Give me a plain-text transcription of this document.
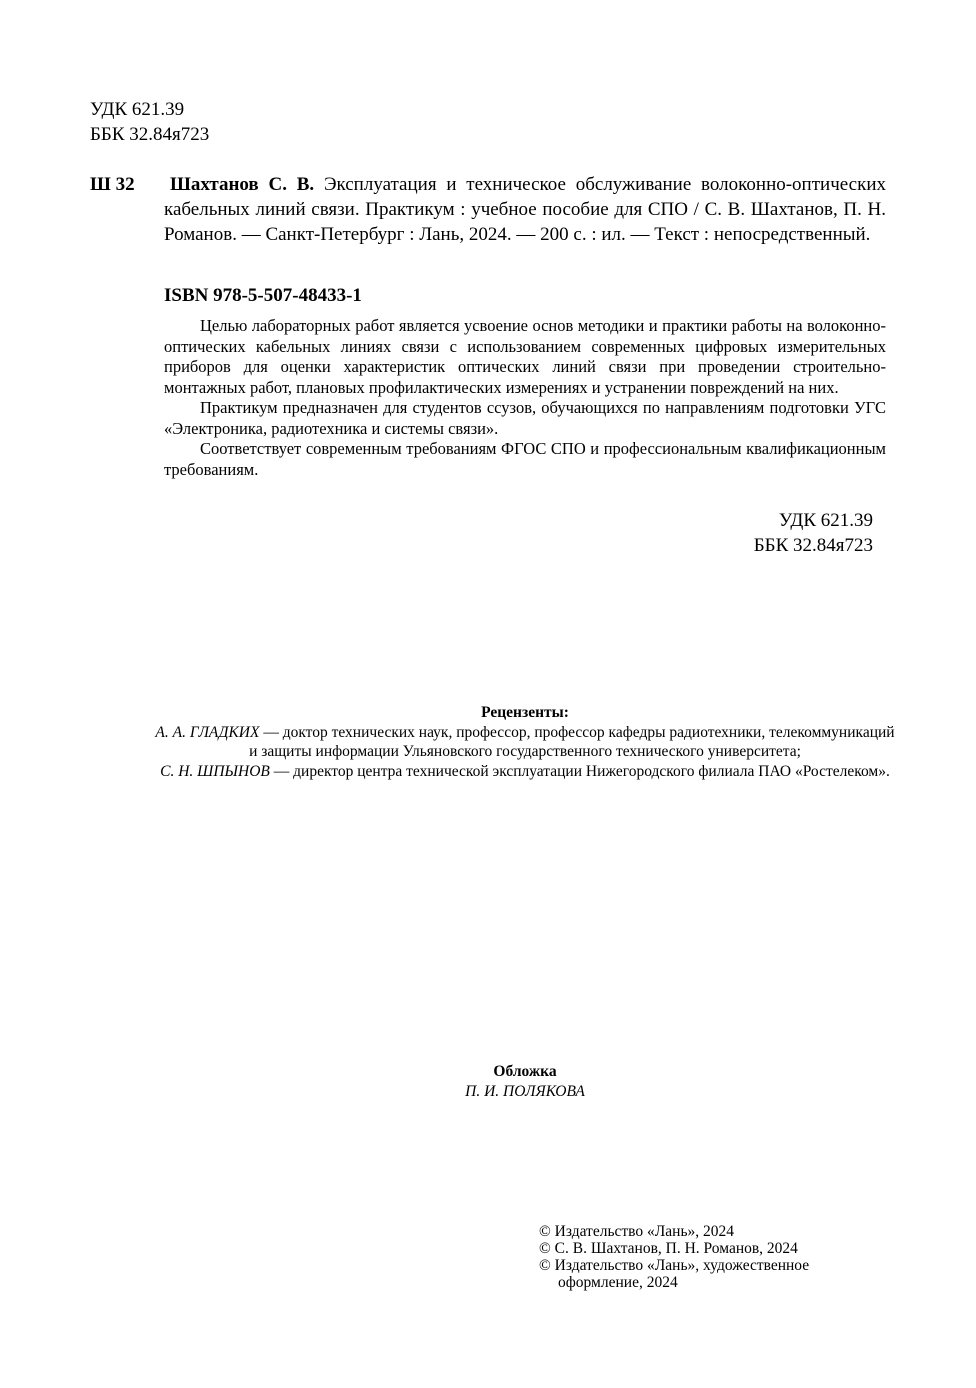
УДК 621.39
ББК 32.84я723
Ш 32	Шахтанов С. В. Эксплуатация и техническое обслуживание волоконно-оптических кабельных линий связи. Практикум : учебное пособие для СПО / С. В. Шахтанов, П. Н. Романов. — Санкт-Петербург : Лань, 2024. — 200 с. : ил. — Текст : непосредственный.
ISBN 978-5-507-48433-1

Целью лабораторных работ является усвоение основ методики и практики работы на волоконно-оптических кабельных линиях связи с использованием современных цифровых измерительных приборов для оценки характеристик оптических линий связи при проведении строительно-монтажных работ, плановых профилактических измерениях и устранении повреждений на них.

Практикум предназначен для студентов ссузов, обучающихся по направлениям подготовки УГС «Электроника, радиотехника и системы связи».

Соответствует современным требованиям ФГОС СПО и профессиональным квалификационным требованиям.

УДК 621.39
ББК 32.84я723
Рецензенты:
А. А. ГЛАДКИХ — доктор технических наук, профессор, профессор кафедры радиотехники, телекоммуникаций и защиты информации Ульяновского государственного технического университета;
С. Н. ШПЫНОВ — директор центра технической эксплуатации Нижегородского филиала ПАО «Ростелеком».
Обложка
П. И. ПОЛЯКОВА
© Издательство «Лань», 2024
© С. В. Шахтанов, П. Н. Романов, 2024
© Издательство «Лань», художественное
оформление, 2024
